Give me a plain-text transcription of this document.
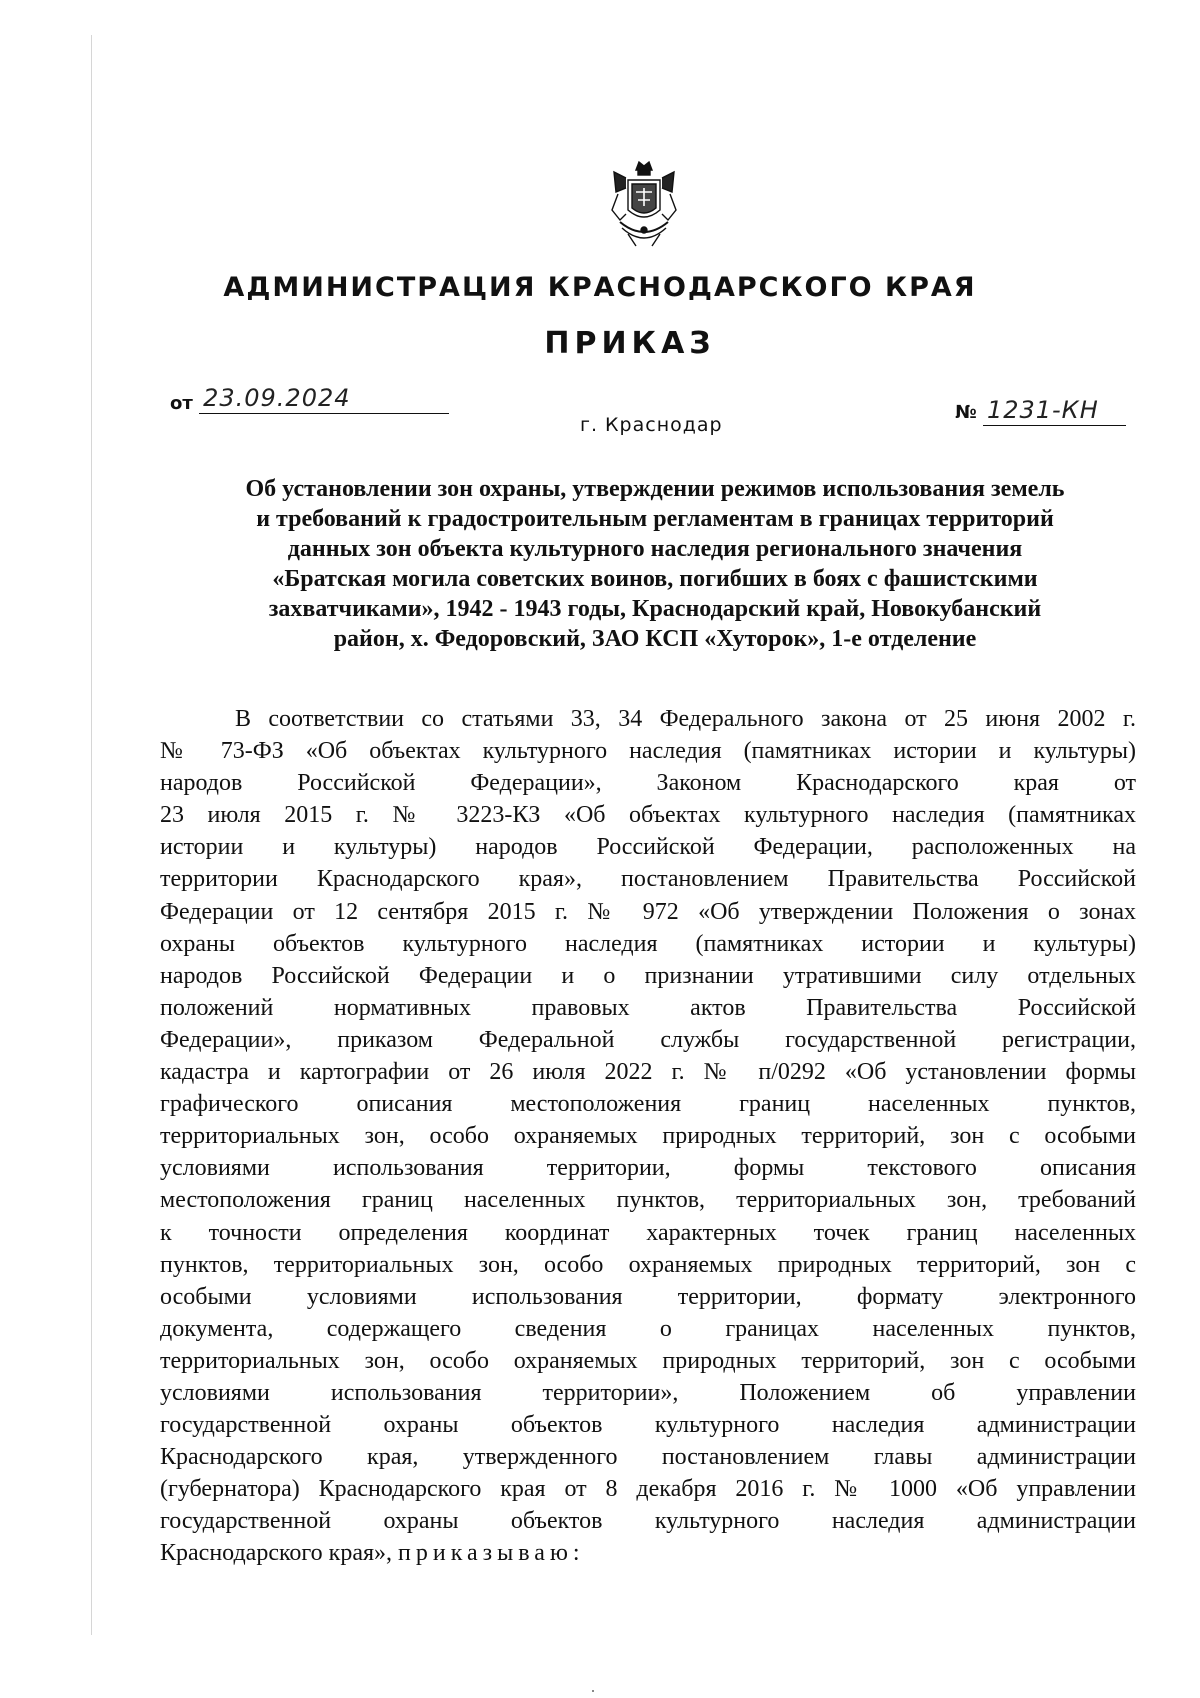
АДМИНИСТРАЦИЯ КРАСНОДАРСКОГО КРАЯ
ПРИКАЗ
от 23.09.2024
№ 1231-КН
г. Краснодар
Об установлении зон охраны, утверждении режимов использования земель
и требований к градостроительным регламентам в границах территорий
данных зон объекта культурного наследия регионального значения
«Братская могила советских воинов, погибших в боях с фашистскими
захватчиками», 1942 - 1943 годы, Краснодарский край, Новокубанский
район, х. Федоровский, ЗАО КСП «Хуторок», 1-е отделение
В соответствии со статьями 33, 34 Федерального закона от 25 июня 2002 г.
№ 73-ФЗ «Об объектах культурного наследия (памятниках истории и культуры)
народов Российской Федерации», Законом Краснодарского края от
23 июля 2015 г. № 3223-КЗ «Об объектах культурного наследия (памятниках
истории и культуры) народов Российской Федерации, расположенных на
территории Краснодарского края», постановлением Правительства Российской
Федерации от 12 сентября 2015 г. № 972 «Об утверждении Положения о зонах
охраны объектов культурного наследия (памятниках истории и культуры)
народов Российской Федерации и о признании утратившими силу отдельных
положений нормативных правовых актов Правительства Российской
Федерации», приказом Федеральной службы государственной регистрации,
кадастра и картографии от 26 июля 2022 г. № п/0292 «Об установлении формы
графического описания местоположения границ населенных пунктов,
территориальных зон, особо охраняемых природных территорий, зон с особыми
условиями использования территории, формы текстового описания
местоположения границ населенных пунктов, территориальных зон, требований
к точности определения координат характерных точек границ населенных
пунктов, территориальных зон, особо охраняемых природных территорий, зон с
особыми условиями использования территории, формату электронного
документа, содержащего сведения о границах населенных пунктов,
территориальных зон, особо охраняемых природных территорий, зон с особыми
условиями использования территории», Положением об управлении
государственной охраны объектов культурного наследия администрации
Краснодарского края, утвержденного постановлением главы администрации
(губернатора) Краснодарского края от 8 декабря 2016 г. № 1000 «Об управлении
государственной охраны объектов культурного наследия администрации
Краснодарского края», приказываю:
